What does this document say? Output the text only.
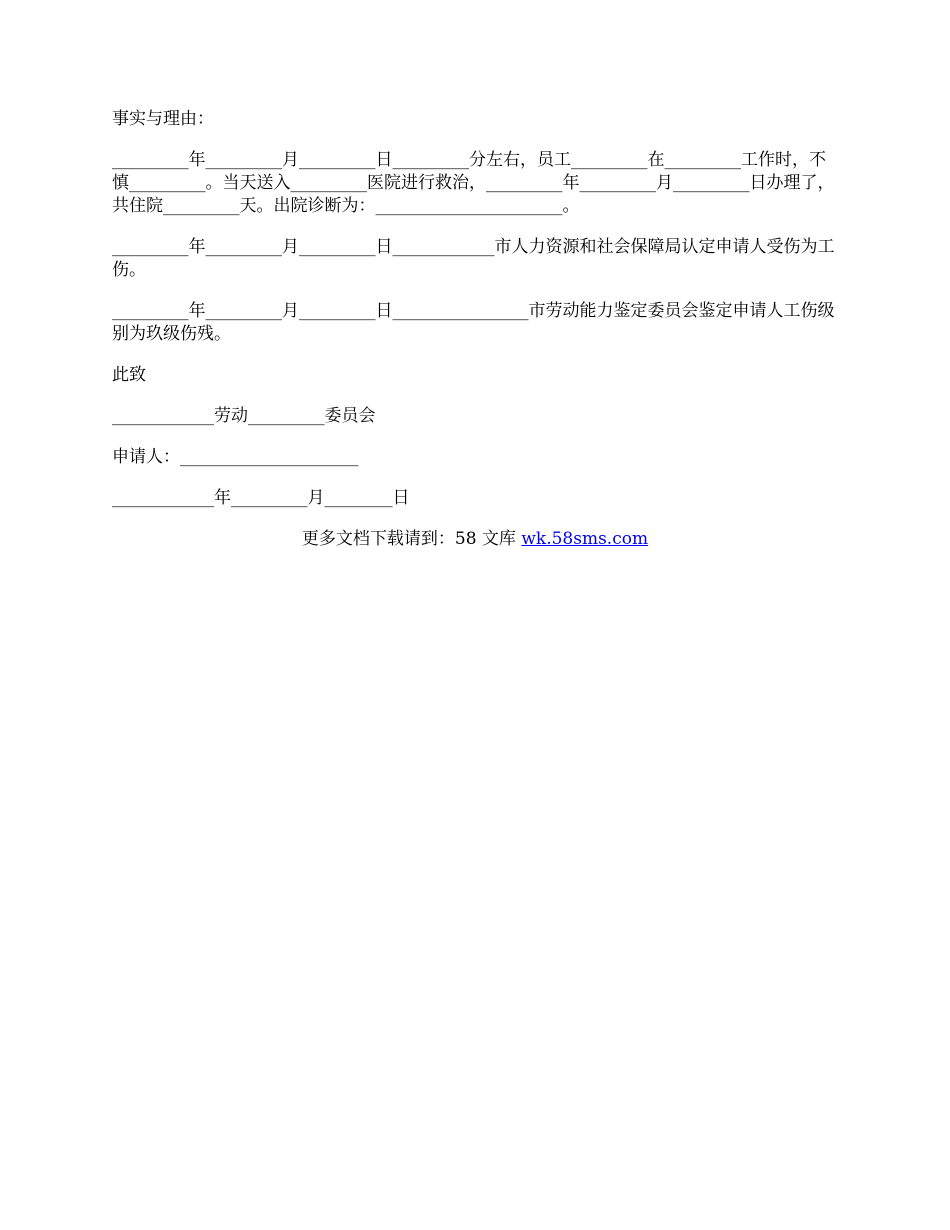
事实与理由：

_________年_________月_________日_________分左右，员工_________在_________工作时，不慎_________。当天送入_________医院进行救治，_________年_________月_________日办理了，共住院_________天。出院诊断为：______________________。

_________年_________月_________日____________市人力资源和社会保障局认定申请人受伤为工伤。

_________年_________月_________日________________市劳动能力鉴定委员会鉴定申请人工伤级别为玖级伤残。

此致

____________劳动_________委员会

申请人：_____________________

____________年_________月________日

更多文档下载请到：58 文库 wk.58sms.com
